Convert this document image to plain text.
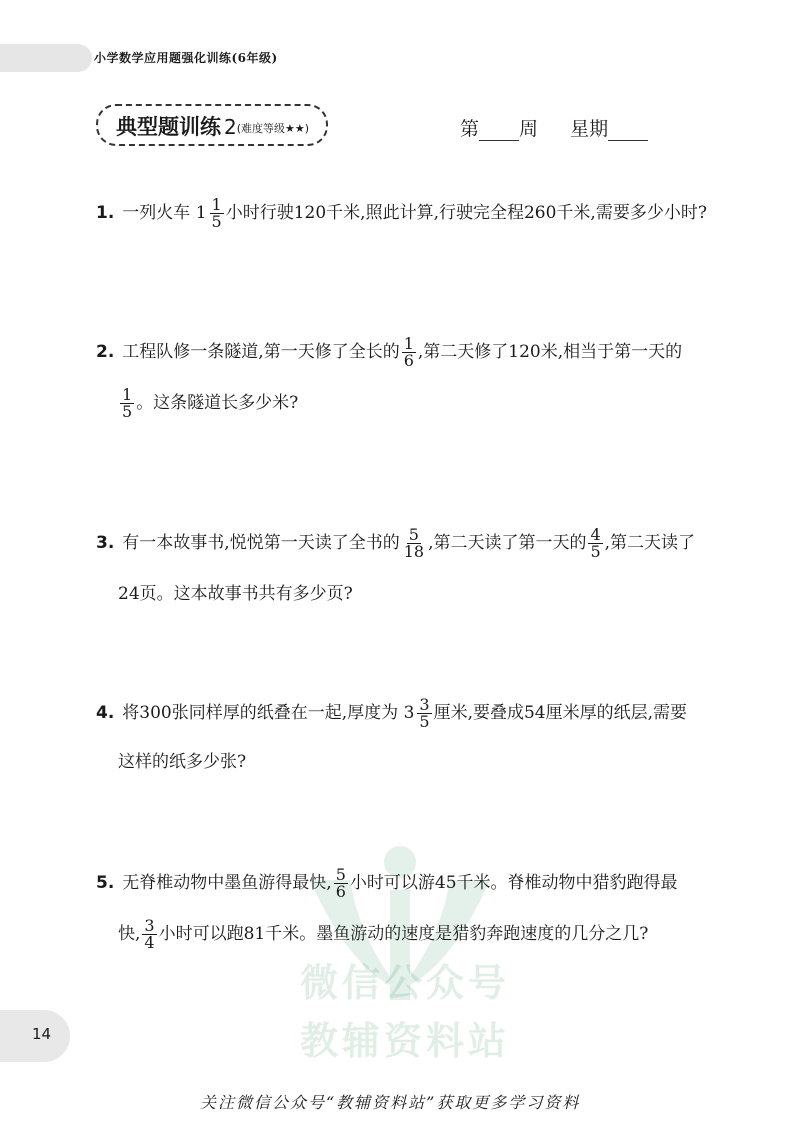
小学数学应用题强化训练(6年级)
典型题训练 2(难度等级★★)	第 周 星期
1. 一列火车 $1 \frac{1}{5}$ 小时行驶120千米,照此计算,行驶完全程260千米,需要多少小时?
2. 工程队修一条隧道,第一天修了全长的 $\frac{1}{6}$ ,第二天修了120米,相当于第一天的
$\frac{1}{5}$ 。这条隧道长多少米?
3. 有一本故事书,悦悦第一天读了全书的 $\frac{5}{18}$ ,第二天读了第一天的 $\frac{4}{5}$ ,第二天读了
24页。这本故事书共有多少页?
4. 将300张同样厚的纸叠在一起,厚度为 $3 \frac{3}{5}$ 厘米,要叠成54厘米厚的纸层,需要
这样的纸多少张?
微信公众号
教辅资料站
5. 无脊椎动物中墨鱼游得最快, $\frac{5}{6}$ 小时可以游45千米。脊椎动物中猎豹跑得最
快, $\frac{3}{4}$ 小时可以跑81千米。墨鱼游动的速度是猎豹奔跑速度的几分之几?
14
关注微信公众号“教辅资料站”获取更多学习资料
